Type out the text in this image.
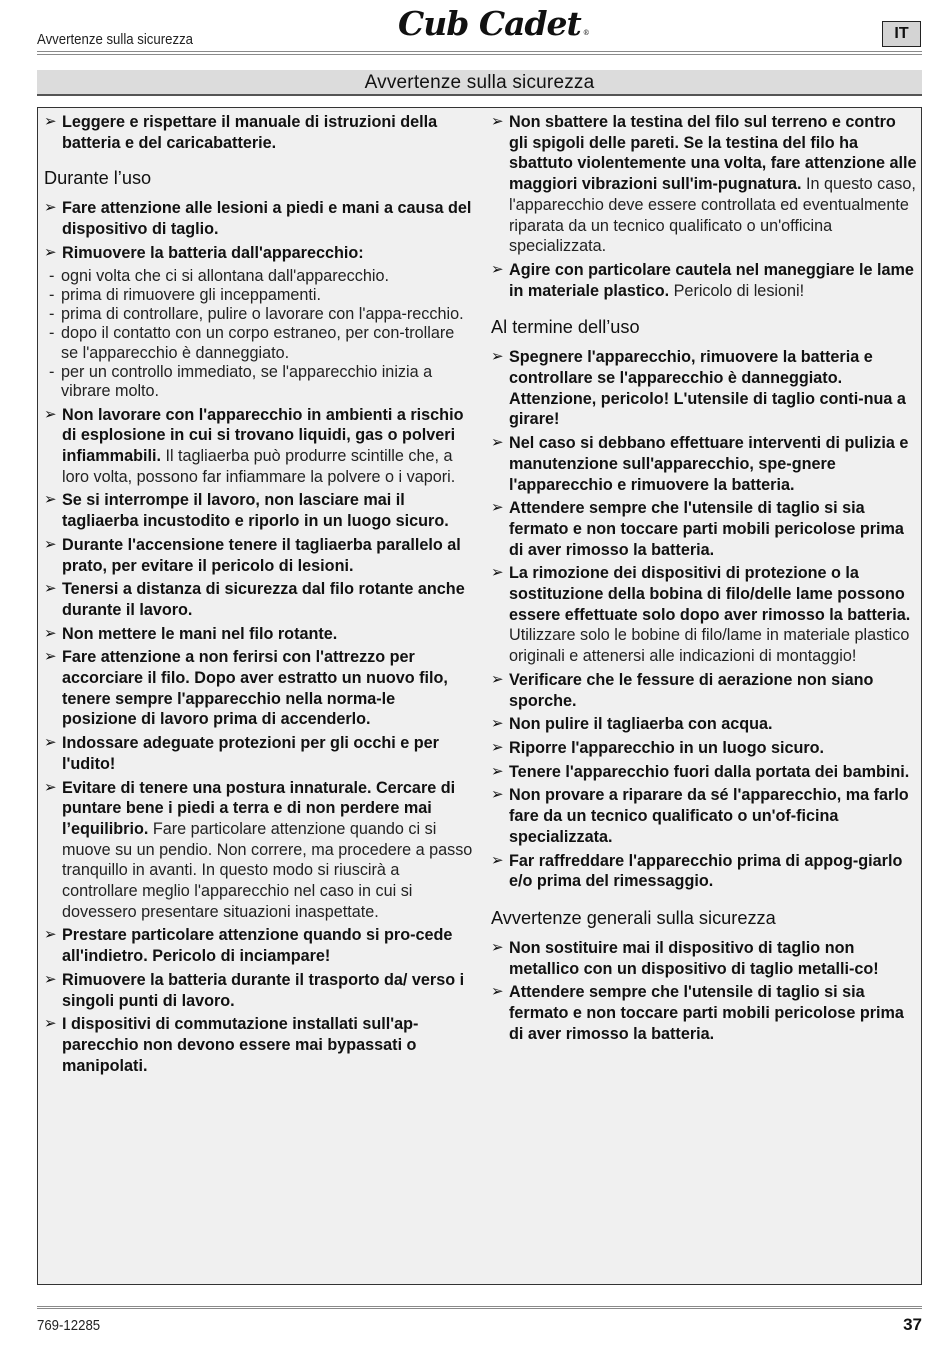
Avvertenze sulla sicurezza	Cub Cadet ®	IT
Avvertenze sulla sicurezza
➢ Leggere e rispettare il manuale di istruzioni della batteria e del caricabatterie.
Durante l’uso
➢ Fare attenzione alle lesioni a piedi e mani a causa del dispositivo di taglio.
➢ Rimuovere la batteria dall'apparecchio:
- ogni volta che ci si allontana dall'apparecchio.
- prima di rimuovere gli inceppamenti.
- prima di controllare, pulire o lavorare con l'appa-recchio.
- dopo il contatto con un corpo estraneo, per con-trollare se l'apparecchio è danneggiato.
- per un controllo immediato, se l'apparecchio inizia a vibrare molto.
➢ Non lavorare con l'apparecchio in ambienti a rischio di esplosione in cui si trovano liquidi, gas o polveri infiammabili. Il tagliaerba può produrre scintille che, a loro volta, possono far infiammare la polvere o i vapori.
➢ Se si interrompe il lavoro, non lasciare mai il tagliaerba incustodito e riporlo in un luogo sicuro.
➢ Durante l'accensione tenere il tagliaerba parallelo al prato, per evitare il pericolo di lesioni.
➢ Tenersi a distanza di sicurezza dal filo rotante anche durante il lavoro.
➢ Non mettere le mani nel filo rotante.
➢ Fare attenzione a non ferirsi con l'attrezzo per accorciare il filo. Dopo aver estratto un nuovo filo, tenere sempre l'apparecchio nella norma-le posizione di lavoro prima di accenderlo.
➢ Indossare adeguate protezioni per gli occhi e per l'udito!
➢ Evitare di tenere una postura innaturale. Cercare di puntare bene i piedi a terra e di non perdere mai l’equilibrio. Fare particolare attenzione quando ci si muove su un pendio. Non correre, ma procedere a passo tranquillo in avanti. In questo modo si riuscirà a controllare meglio l'apparecchio nel caso in cui si dovessero presentare situazioni inaspettate.
➢ Prestare particolare attenzione quando si pro-cede all'indietro. Pericolo di inciampare!
➢ Rimuovere la batteria durante il trasporto da/ verso i singoli punti di lavoro.
➢ I dispositivi di commutazione installati sull'ap-parecchio non devono essere mai bypassati o manipolati.
➢ Non sbattere la testina del filo sul terreno e contro gli spigoli delle pareti. Se la testina del filo ha sbattuto violentemente una volta, fare attenzione alle maggiori vibrazioni sull'im-pugnatura. In questo caso, l'apparecchio deve essere controllata ed eventualmente riparata da un tecnico qualificato o un'officina specializzata.
➢ Agire con particolare cautela nel maneggiare le lame in materiale plastico. Pericolo di lesioni!
Al termine dell’uso
➢ Spegnere l'apparecchio, rimuovere la batteria e controllare se l'apparecchio è danneggiato. Attenzione, pericolo! L'utensile di taglio conti-nua a girare!
➢ Nel caso si debbano effettuare interventi di pulizia e manutenzione sull'apparecchio, spe-gnere l'apparecchio e rimuovere la batteria.
➢ Attendere sempre che l'utensile di taglio si sia fermato e non toccare parti mobili pericolose prima di aver rimosso la batteria.
➢ La rimozione dei dispositivi di protezione o la sostituzione della bobina di filo/delle lame possono essere effettuate solo dopo aver rimosso la batteria. Utilizzare solo le bobine di filo/lame in materiale plastico originali e attenersi alle indicazioni di montaggio!
➢ Verificare che le fessure di aerazione non siano sporche.
➢ Non pulire il tagliaerba con acqua.
➢ Riporre l'apparecchio in un luogo sicuro.
➢ Tenere l'apparecchio fuori dalla portata dei bambini.
➢ Non provare a riparare da sé l'apparecchio, ma farlo fare da un tecnico qualificato o un'of-ficina specializzata.
➢ Far raffreddare l'apparecchio prima di appog-giarlo e/o prima del rimessaggio.
Avvertenze generali sulla sicurezza
➢ Non sostituire mai il dispositivo di taglio non metallico con un dispositivo di taglio metalli-co!
➢ Attendere sempre che l'utensile di taglio si sia fermato e non toccare parti mobili pericolose prima di aver rimosso la batteria.
769-12285	37
